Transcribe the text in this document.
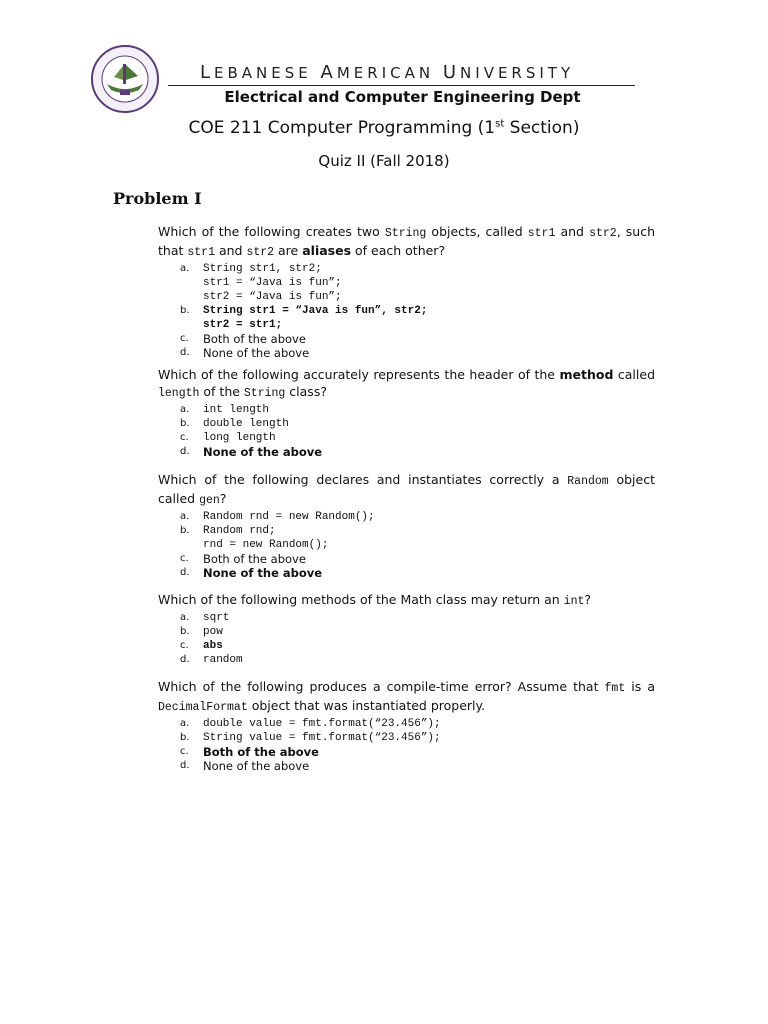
LEBANESE AMERICAN UNIVERSITY
Electrical and Computer Engineering Dept
COE 211 Computer Programming (1st Section)
Quiz II (Fall 2018)
Problem I
Which of the following creates two String objects, called str1 and str2, such that str1 and str2 are aliases of each other?
a.	String str1, str2;
str1 = “Java is fun”;
str2 = “Java is fun”;
b.	String str1 = “Java is fun”, str2;
str2 = str1;
c.	Both of the above
d.	None of the above
Which of the following accurately represents the header of the method called length of the String class?
a.	int length
b.	double length
c.	long length
d.	None of the above
Which of the following declares and instantiates correctly a Random object called gen?
a.	Random rnd = new Random();
b.	Random rnd;
rnd = new Random();
c.	Both of the above
d.	None of the above
Which of the following methods of the Math class may return an int?
a.	sqrt
b.	pow
c.	abs
d.	random
Which of the following produces a compile-time error? Assume that fmt is a DecimalFormat object that was instantiated properly.
a.	double value = fmt.format(“23.456”);
b.	String value = fmt.format(“23.456”);
c.	Both of the above
d.	None of the above
